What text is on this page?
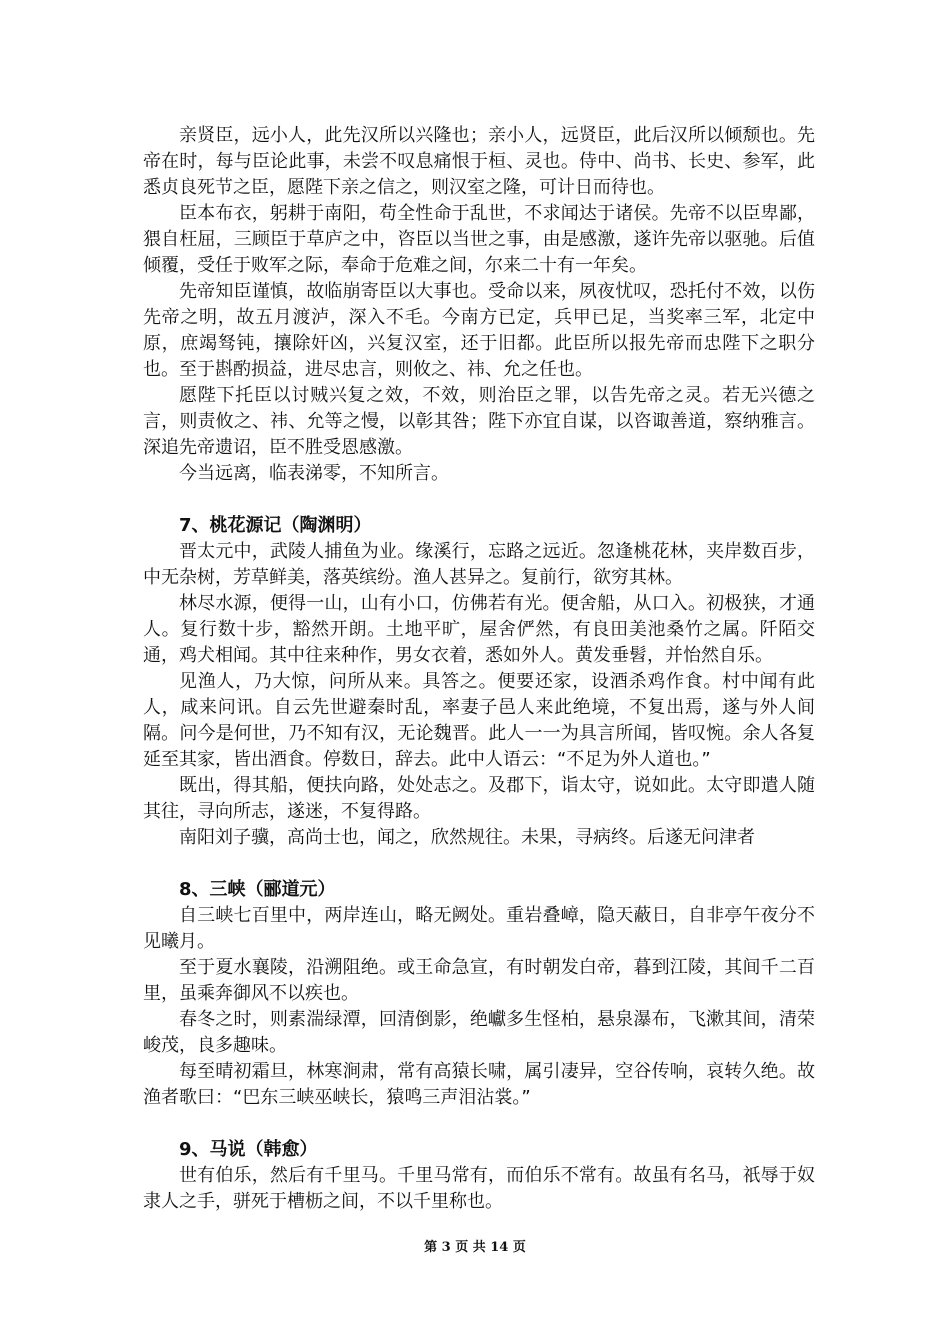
亲贤臣，远小人，此先汉所以兴隆也；亲小人，远贤臣，此后汉所以倾颓也。先帝在时，每与臣论此事，未尝不叹息痛恨于桓、灵也。侍中、尚书、长史、参军，此悉贞良死节之臣，愿陛下亲之信之，则汉室之隆，可计日而待也。

臣本布衣，躬耕于南阳，苟全性命于乱世，不求闻达于诸侯。先帝不以臣卑鄙，猥自枉屈，三顾臣于草庐之中，咨臣以当世之事，由是感激，遂许先帝以驱驰。后值倾覆，受任于败军之际，奉命于危难之间，尔来二十有一年矣。

先帝知臣谨慎，故临崩寄臣以大事也。受命以来，夙夜忧叹，恐托付不效，以伤先帝之明，故五月渡泸，深入不毛。今南方已定，兵甲已足，当奖率三军，北定中原，庶竭驽钝，攘除奸凶，兴复汉室，还于旧都。此臣所以报先帝而忠陛下之职分也。至于斟酌损益，进尽忠言，则攸之、祎、允之任也。

愿陛下托臣以讨贼兴复之效，不效，则治臣之罪，以告先帝之灵。若无兴德之言，则责攸之、祎、允等之慢，以彰其咎；陛下亦宜自谋，以咨诹善道，察纳雅言。深追先帝遗诏，臣不胜受恩感激。

今当远离，临表涕零，不知所言。

7、桃花源记（陶渊明）

晋太元中，武陵人捕鱼为业。缘溪行，忘路之远近。忽逢桃花林，夹岸数百步，中无杂树，芳草鲜美，落英缤纷。渔人甚异之。复前行，欲穷其林。

林尽水源，便得一山，山有小口，仿佛若有光。便舍船，从口入。初极狭，才通人。复行数十步，豁然开朗。土地平旷，屋舍俨然，有良田美池桑竹之属。阡陌交通，鸡犬相闻。其中往来种作，男女衣着，悉如外人。黄发垂髫，并怡然自乐。

见渔人，乃大惊，问所从来。具答之。便要还家，设酒杀鸡作食。村中闻有此人，咸来问讯。自云先世避秦时乱，率妻子邑人来此绝境，不复出焉，遂与外人间隔。问今是何世，乃不知有汉，无论魏晋。此人一一为具言所闻，皆叹惋。余人各复延至其家，皆出酒食。停数日，辞去。此中人语云：“不足为外人道也。”

既出，得其船，便扶向路，处处志之。及郡下，诣太守，说如此。太守即遣人随其往，寻向所志，遂迷，不复得路。

南阳刘子骥，高尚士也，闻之，欣然规往。未果，寻病终。后遂无问津者

8、三峡（郦道元）

自三峡七百里中，两岸连山，略无阙处。重岩叠嶂，隐天蔽日，自非亭午夜分不见曦月。

至于夏水襄陵，沿溯阻绝。或王命急宣，有时朝发白帝，暮到江陵，其间千二百里，虽乘奔御风不以疾也。

春冬之时，则素湍绿潭，回清倒影，绝巘多生怪柏，悬泉瀑布，飞漱其间，清荣峻茂，良多趣味。

每至晴初霜旦，林寒涧肃，常有高猿长啸，属引凄异，空谷传响，哀转久绝。故渔者歌曰：“巴东三峡巫峡长，猿鸣三声泪沾裳。”

9、马说（韩愈）

世有伯乐，然后有千里马。千里马常有，而伯乐不常有。故虽有名马，祇辱于奴隶人之手，骈死于槽枥之间，不以千里称也。

第 3 页 共 14 页
